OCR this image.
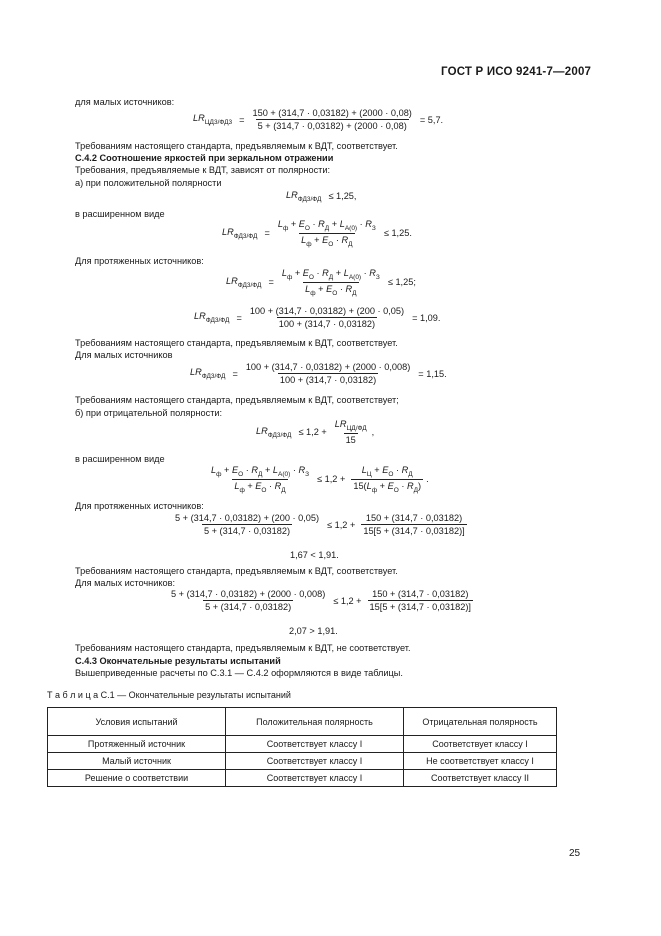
ГОСТ Р ИСО 9241-7—2007
для малых источников:
$LR_{ЦД3/ФД3} = \frac{150 + (314,7 \cdot 0,03182) + (2000 \cdot 0,08)}{5 + (314,7 \cdot 0,03182) + (2000 \cdot 0,08)} = 5,7$.
Требованиям настоящего стандарта, предъявляемым к ВДТ, соответствует.
C.4.2 Соотношение яркостей при зеркальном отражении
Требования, предъявляемые к ВДТ, зависят от полярности:
а) при положительной полярности
$LR_{ФД3/ФД} \le 1,25$,
в расширенном виде
$LR_{ФД3/ФД} = \frac{L_ф + E_О \cdot R_Д + L_{А(0)} \cdot R_З}{L_ф + E_О \cdot R_Д} \le 1,25$.
Для протяженных источников:
$LR_{ФД3/ФД} = \frac{L_ф + E_О \cdot R_Д + L_{А(0)} \cdot R_З}{L_ф + E_О \cdot R_Д} \le 1,25$;
$LR_{ФД3/ФД} = \frac{100 + (314,7 \cdot 0,03182) + (200 \cdot 0,05)}{100 + (314,7 \cdot 0,03182)} = 1,09$.
Требованиям настоящего стандарта, предъявляемым к ВДТ, соответствует.
Для малых источников
$LR_{ФД3/ФД} = \frac{100 + (314,7 \cdot 0,03182) + (2000 \cdot 0,008)}{100 + (314,7 \cdot 0,03182)} = 1,15$.
Требованиям настоящего стандарта, предъявляемым к ВДТ, соответствует;
б) при отрицательной полярности:
$LR_{ФД3/ФД} \le 1,2 + \frac{LR_{ЦД/ФД}}{15}$ ,
в расширенном виде
$\frac{L_ф + E_О \cdot R_Д + L_{А(0)} \cdot R_З}{L_ф + E_О \cdot R_Д} \le 1,2 + \frac{L_Ц + E_О \cdot R_Д}{15(L_ф + E_О \cdot R_Д)}$ .
Для протяженных источников:
$\frac{5 + (314,7 \cdot 0,03182) + (200 \cdot 0,05)}{5 + (314,7 \cdot 0,03182)} \le 1,2 + \frac{150 + (314,7 \cdot 0,03182)}{15[5 + (314,7 \cdot 0,03182)]}$
1,67 < 1,91.
Требованиям настоящего стандарта, предъявляемым к ВДТ, соответствует.
Для малых источников:
$\frac{5 + (314,7 \cdot 0,03182) + (2000 \cdot 0,008)}{5 + (314,7 \cdot 0,03182)} \le 1,2 + \frac{150 + (314,7 \cdot 0,03182)}{15[5 + (314,7 \cdot 0,03182)]}$
2,07 > 1,91.
Требованиям настоящего стандарта, предъявляемым к ВДТ, не соответствует.
C.4.3 Окончательные результаты испытаний
Вышеприведенные расчеты по С.3.1 — С.4.2 оформляются в виде таблицы.
Т а б л и ц а С.1 — Окончательные результаты испытаний
Условия испытаний	Положительная полярность	Отрицательная полярность
Протяженный источник	Соответствует классу I	Соответствует классу I
Малый источник	Соответствует классу I	Не соответствует классу I
Решение о соответствии	Соответствует классу I	Соответствует классу II
25
